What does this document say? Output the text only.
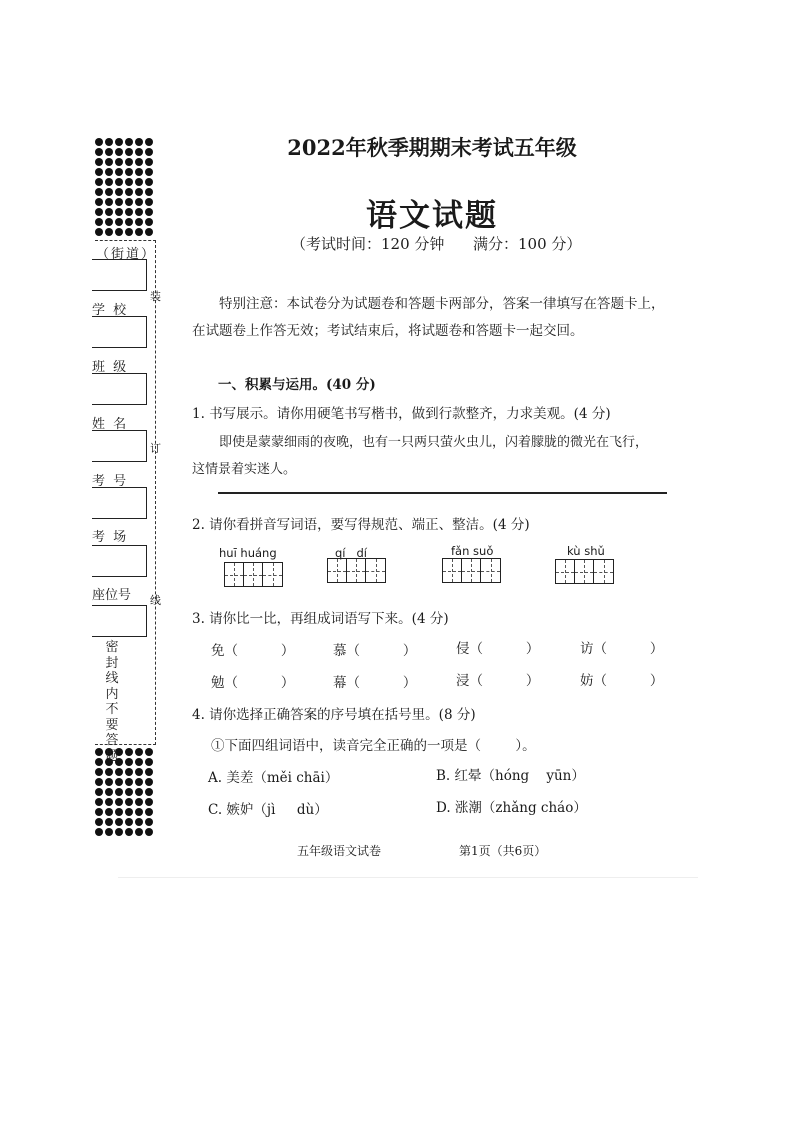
（街道）
学 校
班 级
姓 名
考 号
考 场
座位号
装
订
线
密封线内不要答题
2022年秋季期期末考试五年级
语文试题
（考试时间：120 分钟      满分：100 分）
特别注意：本试卷分为试题卷和答题卡两部分，答案一律填写在答题卡上，
在试题卷上作答无效；考试结束后，将试题卷和答题卡一起交回。
一、积累与运用。(40 分)
1. 书写展示。请你用硬笔书写楷书，做到行款整齐，力求美观。(4 分)
即使是蒙蒙细雨的夜晚，也有一只两只萤火虫儿，闪着朦胧的微光在飞行，
这情景着实迷人。
2. 请你看拼音写词语，要写得规范、端正、整洁。(4 分)
huī huáng	qí   dí	fǎn suǒ	kù shǔ
3. 请你比一比，再组成词语写下来。(4 分)
免（          ）	慕（          ）	侵（          ）	访（          ）
勉（          ）	幕（          ）	浸（          ）	妨（          ）
4. 请你选择正确答案的序号填在括号里。(8 分)
①下面四组词语中，读音完全正确的一项是（        ）。
A. 美差（měi chāi）	B. 红晕（hóng    yūn）
C. 嫉妒（jì     dù）	D. 涨潮（zhǎng cháo）
五年级语文试卷	第1页（共6页）
